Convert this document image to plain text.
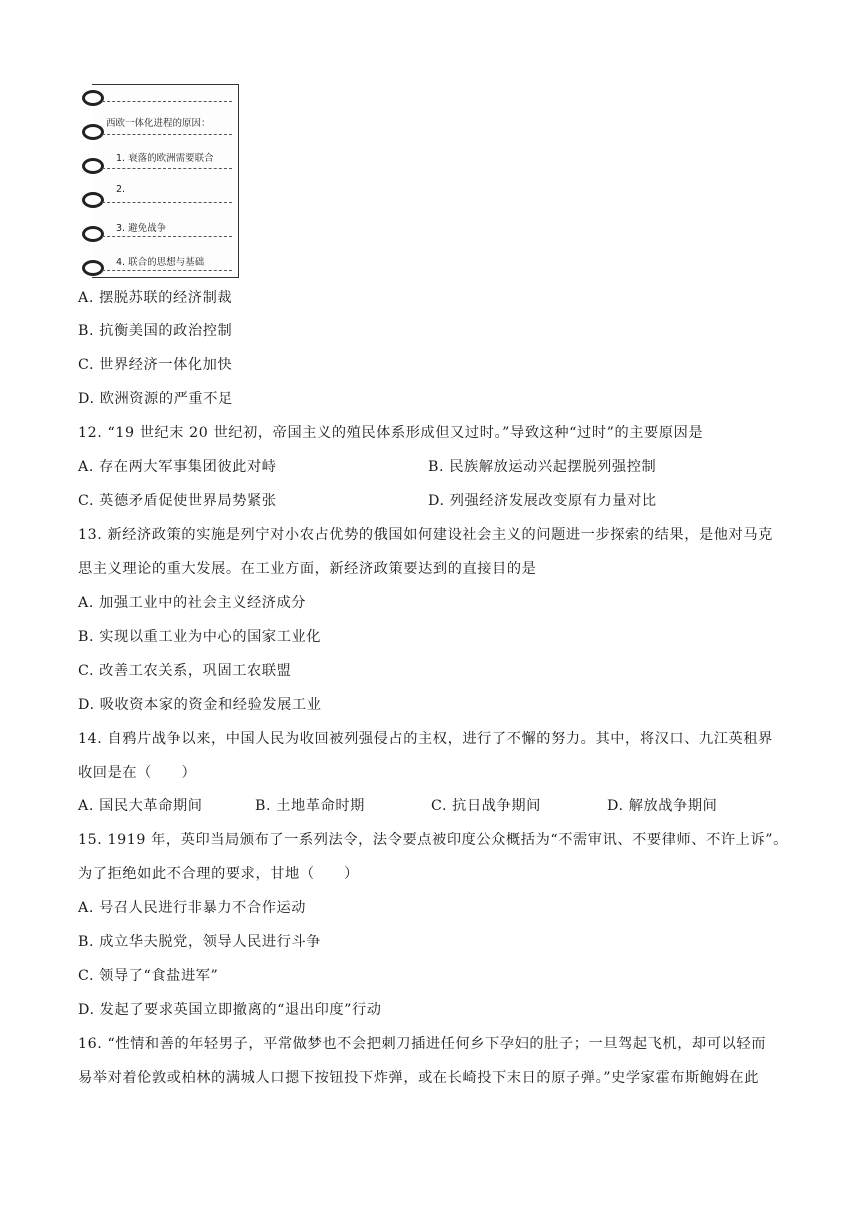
西欧一体化进程的原因：
1. 衰落的欧洲需要联合
2.
3. 避免战争
4. 联合的思想与基础
A. 摆脱苏联的经济制裁
B. 抗衡美国的政治控制
C. 世界经济一体化加快
D. 欧洲资源的严重不足
12. “19 世纪末 20 世纪初，帝国主义的殖民体系形成但又过时。”导致这种“过时”的主要原因是
A. 存在两大军事集团彼此对峙	B. 民族解放运动兴起摆脱列强控制
C. 英德矛盾促使世界局势紧张	D. 列强经济发展改变原有力量对比
13. 新经济政策的实施是列宁对小农占优势的俄国如何建设社会主义的问题进一步探索的结果，是他对马克
思主义理论的重大发展。在工业方面，新经济政策要达到的直接目的是
A. 加强工业中的社会主义经济成分
B. 实现以重工业为中心的国家工业化
C. 改善工农关系，巩固工农联盟
D. 吸收资本家的资金和经验发展工业
14. 自鸦片战争以来，中国人民为收回被列强侵占的主权，进行了不懈的努力。其中，将汉口、九江英租界
收回是在（　　）
A. 国民大革命期间	B. 土地革命时期	C. 抗日战争期间	D. 解放战争期间
15. 1919 年，英印当局颁布了一系列法令，法令要点被印度公众概括为“不需审讯、不要律师、不许上诉”。
为了拒绝如此不合理的要求，甘地（　　）
A. 号召人民进行非暴力不合作运动
B. 成立华夫脱党，领导人民进行斗争
C. 领导了“食盐进军”
D. 发起了要求英国立即撤离的“退出印度”行动
16. “性情和善的年轻男子，平常做梦也不会把刺刀插进任何乡下孕妇的肚子；一旦驾起飞机，却可以轻而
易举对着伦敦或柏林的满城人口摁下按钮投下炸弹，或在长崎投下末日的原子弹。”史学家霍布斯鲍姆在此
